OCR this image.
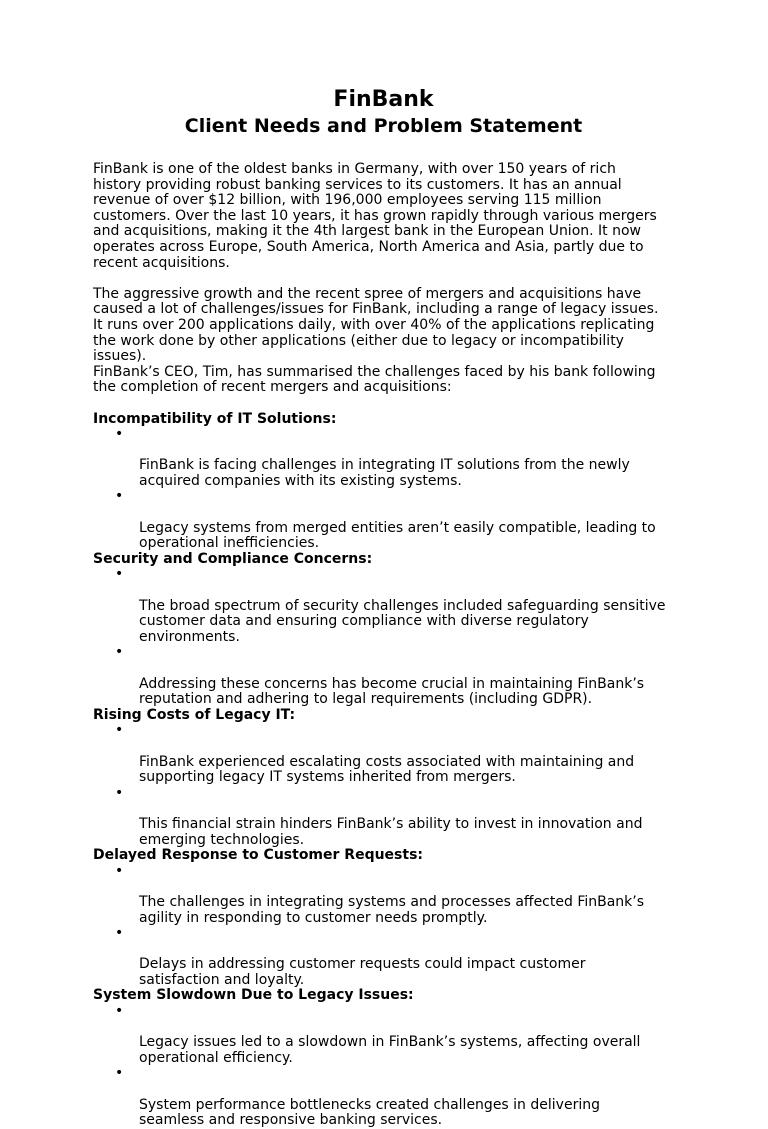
FinBank
Client Needs and Problem Statement

FinBank is one of the oldest banks in Germany, with over 150 years of rich
history providing robust banking services to its customers. It has an annual
revenue of over $12 billion, with 196,000 employees serving 115 million
customers. Over the last 10 years, it has grown rapidly through various mergers
and acquisitions, making it the 4th largest bank in the European Union. It now
operates across Europe, South America, North America and Asia, partly due to
recent acquisitions.

The aggressive growth and the recent spree of mergers and acquisitions have
caused a lot of challenges/issues for FinBank, including a range of legacy issues.
It runs over 200 applications daily, with over 40% of the applications replicating
the work done by other applications (either due to legacy or incompatibility
issues).

FinBank’s CEO, Tim, has summarised the challenges faced by his bank following
the completion of recent mergers and acquisitions:

Incompatibility of IT Solutions:

•

FinBank is facing challenges in integrating IT solutions from the newly
acquired companies with its existing systems.

•

Legacy systems from merged entities aren’t easily compatible, leading to
operational inefficiencies.

Security and Compliance Concerns:

•

The broad spectrum of security challenges included safeguarding sensitive
customer data and ensuring compliance with diverse regulatory
environments.

•

Addressing these concerns has become crucial in maintaining FinBank’s
reputation and adhering to legal requirements (including GDPR).

Rising Costs of Legacy IT:

•

FinBank experienced escalating costs associated with maintaining and
supporting legacy IT systems inherited from mergers.

•

This financial strain hinders FinBank’s ability to invest in innovation and
emerging technologies.

Delayed Response to Customer Requests:

•

The challenges in integrating systems and processes affected FinBank’s
agility in responding to customer needs promptly.

•

Delays in addressing customer requests could impact customer
satisfaction and loyalty.

System Slowdown Due to Legacy Issues:

•

Legacy issues led to a slowdown in FinBank’s systems, affecting overall
operational efficiency.

•

System performance bottlenecks created challenges in delivering
seamless and responsive banking services.
